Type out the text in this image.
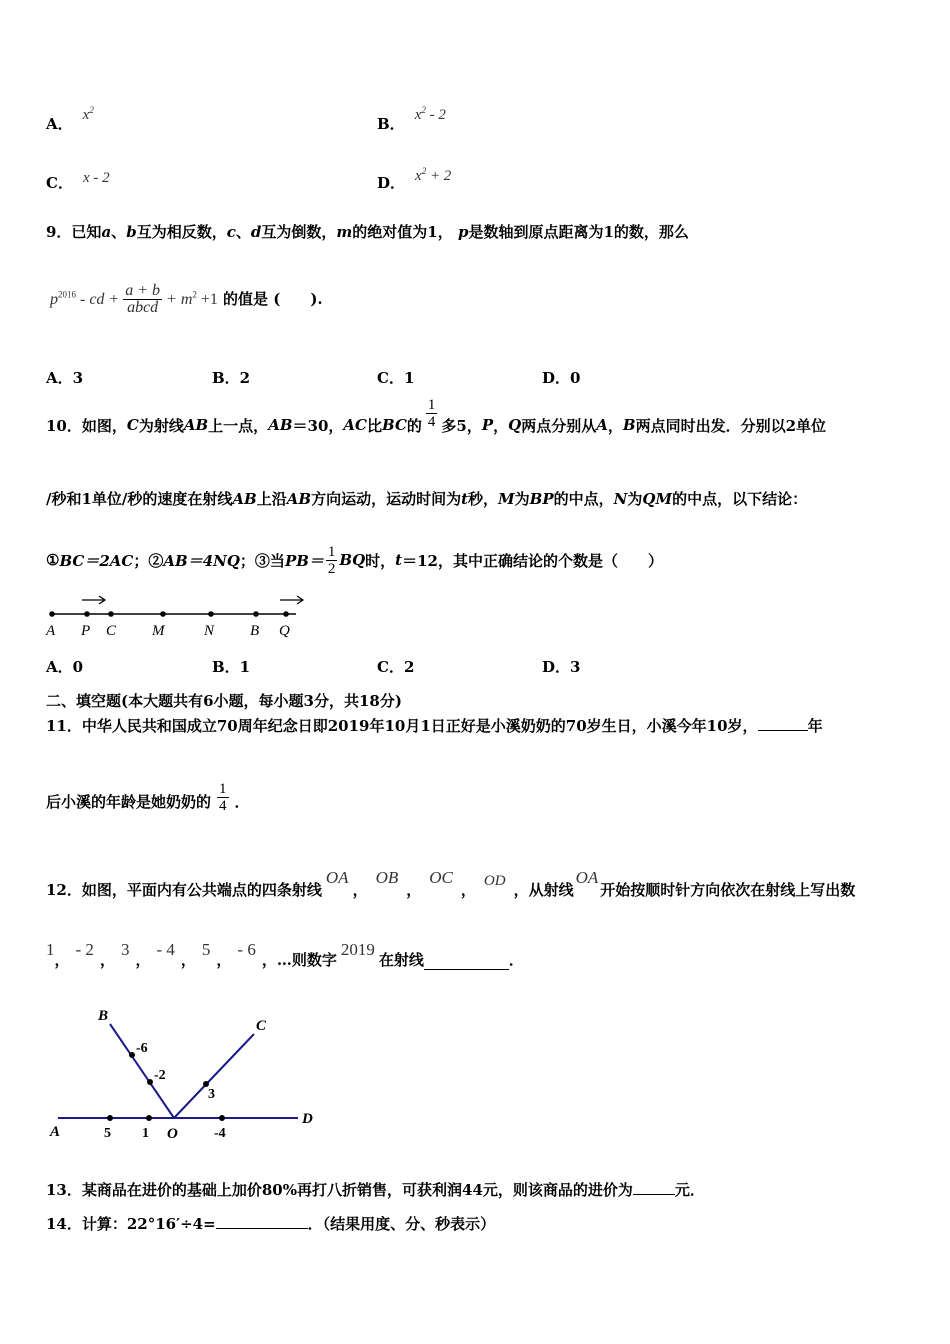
A． $x^2$
B． $x^2 - 2$
C． x - 2	D． $x^2 + 2$
9．已知a、b互为相反数，c、d互为倒数，m的绝对值为1， p是数轴到原点距离为1的数，那么
$p^{2016}$ - cd + $\frac{a + b}{\text{abcd}} + m^2 +1$ 的值是 (　　).
A．3	B．2	C．1	D．0
10．如图， C 为射线 AB 上一点， AB ＝30， AC 比 BC 的 $\frac{1}{4}$ 多5， P ， Q 两点分别从 A ， B 两点同时出发．分别以2单位
/秒和1单位/秒的速度在射线AB上沿AB方向运动，运动时间为t秒，M为BP的中点，N为QM的中点，以下结论：
① BC＝2AC ；② AB＝4NQ ；③当 $PB= \frac{1}{2}$ BQ 时， t ＝12，其中正确结论的个数是（　　）
A P C M	N B Q
A．0	B．1	C．2	D．3
二、填空题(本大题共有6小题，每小题3分，共18分)
11．中华人民共和国成立70周年纪念日即2019年10月1日正好是小溪奶奶的70岁生日，小溪今年10岁，	年
后小溪的年龄是她奶奶的 $\frac{1}{4}$ ．
12．如图，平面内有公共端点的四条射线
OA
，
OB
，
OC
， OD ，从射线
OA
开始按顺时针方向依次在射线上写出数
1
，
- 2
，
3
，
- 4
，
5
，
- 6
，…则数字
2019
在射线	．
B
C
A
D
O
-6
-2
3
5 1	-4
13．某商品在进价的基础上加价80%再打八折销售，可获利润44元，则该商品的进价为	元．
14．计算：22°16′÷4=	．（结果用度、分、秒表示）
